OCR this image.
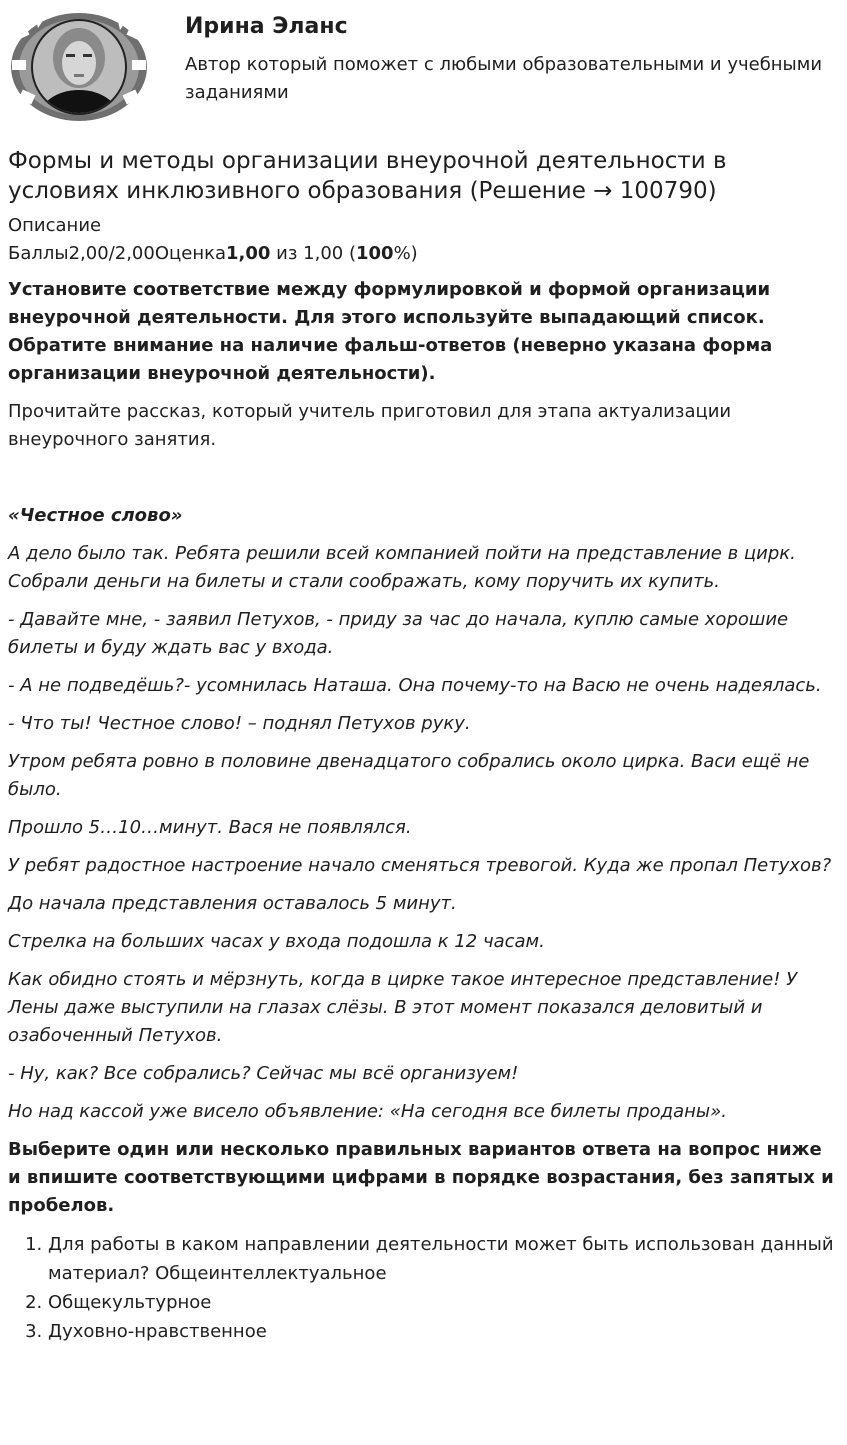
Ирина Эланс

Автор который поможет с любыми образовательными и учебными заданиями

Формы и методы организации внеурочной деятельности в условиях инклюзивного образования (Решение → 100790)
Описание
Баллы2,00/2,00Оценка1,00 из 1,00 (100%)

Установите соответствие между формулировкой и формой организации внеурочной деятельности. Для этого используйте выпадающий список. Обратите внимание на наличие фальш-ответов (неверно указана форма организации внеурочной деятельности).

Прочитайте рассказ, который учитель приготовил для этапа актуализации внеурочного занятия.

«Честное слово»

А дело было так. Ребята решили всей компанией пойти на представление в цирк. Собрали деньги на билеты и стали соображать, кому поручить их купить.

- Давайте мне, - заявил Петухов, - приду за час до начала, куплю самые хорошие билеты и буду ждать вас у входа.

- А не подведёшь?- усомнилась Наташа. Она почему-то на Васю не очень надеялась.

- Что ты! Честное слово! – поднял Петухов руку.

Утром ребята ровно в половине двенадцатого собрались около цирка. Васи ещё не было.

Прошло 5…10…минут. Вася не появлялся.

У ребят радостное настроение начало сменяться тревогой. Куда же пропал Петухов?

До начала представления оставалось 5 минут.

Стрелка на больших часах у входа подошла к 12 часам.

Как обидно стоять и мёрзнуть, когда в цирке такое интересное представление! У Лены даже выступили на глазах слёзы. В этот момент показался деловитый и озабоченный Петухов.

- Ну, как? Все собрались? Сейчас мы всё организуем!

Но над кассой уже висело объявление: «На сегодня все билеты проданы».

Выберите один или несколько правильных вариантов ответа на вопрос ниже и впишите соответствующими цифрами в порядке возрастания, без запятых и пробелов.

1. Для работы в каком направлении деятельности может быть использован данный материал? Общеинтеллектуальное
2. Общекультурное
3. Духовно-нравственное
